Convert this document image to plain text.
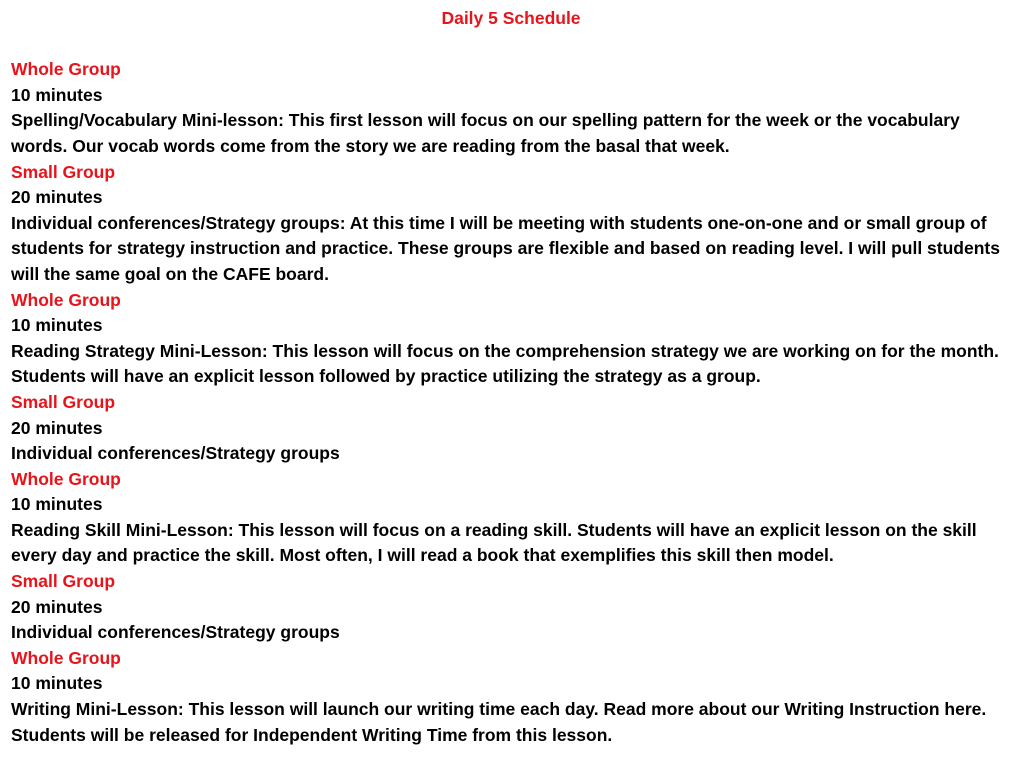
Daily 5 Schedule
Whole Group
10 minutes
Spelling/Vocabulary Mini-lesson: This first lesson will focus on our spelling pattern for the week or the vocabulary words. Our vocab words come from the story we are reading from the basal that week.
Small Group
20 minutes
Individual conferences/Strategy groups: At this time I will be meeting with students one-on-one and or small group of students for strategy instruction and practice. These groups are flexible and based on reading level. I will pull students will the same goal on the CAFE board.
Whole Group
10 minutes
Reading Strategy Mini-Lesson: This lesson will focus on the comprehension strategy we are working on for the month. Students will have an explicit lesson followed by practice utilizing the strategy as a group.
Small Group
20 minutes
Individual conferences/Strategy groups
Whole Group
10 minutes
Reading Skill Mini-Lesson: This lesson will focus on a reading skill. Students will have an explicit lesson on the skill every day and practice the skill. Most often, I will read a book that exemplifies this skill then model.
Small Group
20 minutes
Individual conferences/Strategy groups
Whole Group
10 minutes
Writing Mini-Lesson: This lesson will launch our writing time each day. Read more about our Writing Instruction here. Students will be released for Independent Writing Time from this lesson.
